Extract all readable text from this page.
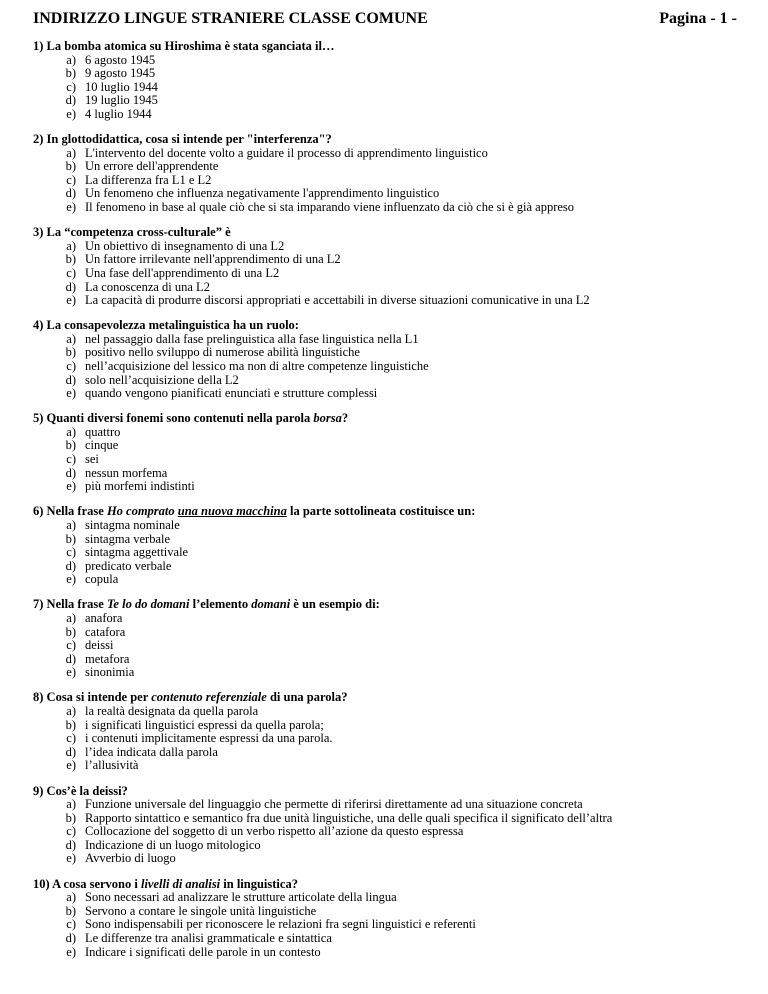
INDIRIZZO LINGUE STRANIERE CLASSE COMUNE	Pagina - 1 -
1) La bomba atomica su Hiroshima è stata sganciata il…
a) 6 agosto 1945
b) 9 agosto 1945
c) 10 luglio 1944
d) 19 luglio 1945
e) 4 luglio 1944
2) In glottodidattica, cosa si intende per "interferenza"?
a) L'intervento del docente volto a guidare il processo di apprendimento linguistico
b) Un errore dell'apprendente
c) La differenza fra L1 e L2
d) Un fenomeno che influenza negativamente l'apprendimento linguistico
e) Il fenomeno in base al quale ciò che si sta imparando viene influenzato da ciò che si è già appreso
3) La “competenza cross-culturale” è
a) Un obiettivo di insegnamento di una L2
b) Un fattore irrilevante nell'apprendimento di una L2
c) Una fase dell'apprendimento di una L2
d) La conoscenza di una L2
e) La capacità di produrre discorsi appropriati e accettabili in diverse situazioni comunicative in una L2
4) La consapevolezza metalinguistica ha un ruolo:
a) nel passaggio dalla fase prelinguistica alla fase linguistica nella L1
b) positivo nello sviluppo di numerose abilità linguistiche
c) nell’acquisizione del lessico ma non di altre competenze linguistiche
d) solo nell’acquisizione della L2
e) quando vengono pianificati enunciati e strutture complessi
5) Quanti diversi fonemi sono contenuti nella parola borsa?
a) quattro
b) cinque
c) sei
d) nessun morfema
e) più morfemi indistinti
6) Nella frase Ho comprato una nuova macchina la parte sottolineata costituisce un:
a) sintagma nominale
b) sintagma verbale
c) sintagma aggettivale
d) predicato verbale
e) copula
7) Nella frase Te lo do domani l’elemento domani è un esempio di:
a) anafora
b) catafora
c) deissi
d) metafora
e) sinonimia
8) Cosa si intende per contenuto referenziale di una parola?
a) la realtà designata da quella parola
b) i significati linguistici espressi da quella parola;
c) i contenuti implicitamente espressi da una parola.
d) l’idea indicata dalla parola
e) l’allusività
9) Cos’è la deissi?
a) Funzione universale del linguaggio che permette di riferirsi direttamente ad una situazione concreta
b) Rapporto sintattico e semantico fra due unità linguistiche, una delle quali specifica il significato dell’altra
c) Collocazione del soggetto di un verbo rispetto all’azione da questo espressa
d) Indicazione di un luogo mitologico
e) Avverbio di luogo
10) A cosa servono i livelli di analisi in linguistica?
a) Sono necessari ad analizzare le strutture articolate della lingua
b) Servono a contare le singole unità linguistiche
c) Sono indispensabili per riconoscere le relazioni fra segni linguistici e referenti
d) Le differenze tra analisi grammaticale e sintattica
e) Indicare i significati delle parole in un contesto
